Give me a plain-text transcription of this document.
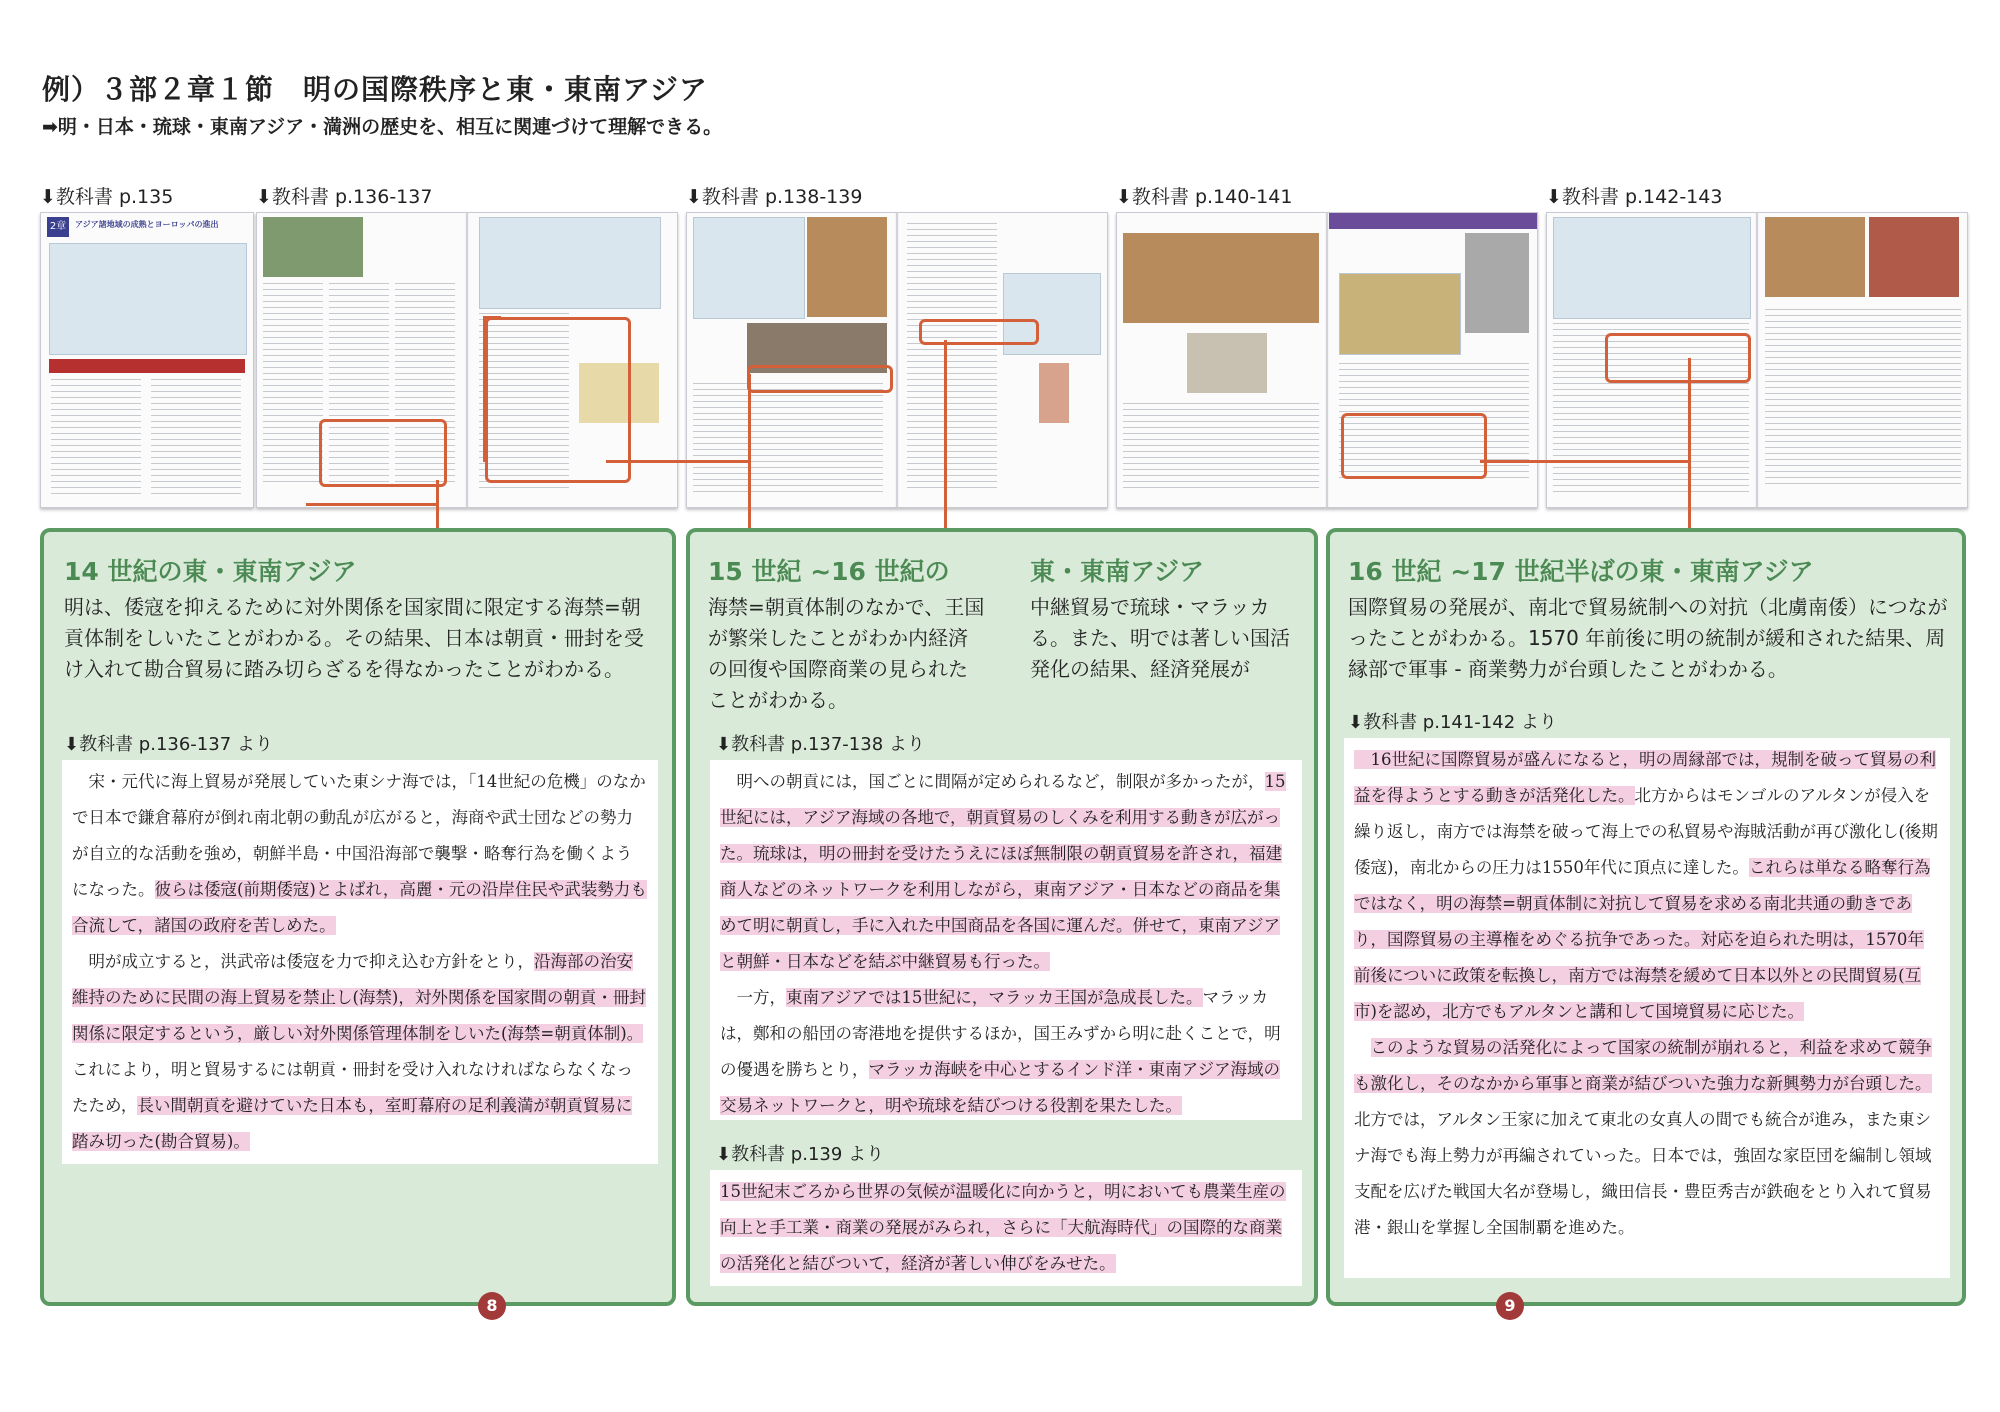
例）３部２章１節　明の国際秩序と東・東南アジア
➡明・日本・琉球・東南アジア・満洲の歴史を、相互に関連づけて理解できる。
⬇教科書 p.135	⬇教科書 p.136-137	⬇教科書 p.138-139	⬇教科書 p.140-141	⬇教科書 p.142-143
2章	アジア諸地域の成熟とヨーロッパの進出
14 世紀の東・東南アジア
明は、倭寇を抑えるために対外関係を国家間に限定する海禁=朝貢体制をしいたことがわかる。その結果、日本は朝貢・冊封を受け入れて勘合貿易に踏み切らざるを得なかったことがわかる。
⬇教科書 p.136-137 より
　宋・元代に海上貿易が発展していた東シナ海では，「14世紀の危機」のなかで日本で鎌倉幕府が倒れ南北朝の動乱が広がると，海商や武士団などの勢力が自立的な活動を強め，朝鮮半島・中国沿海部で襲撃・略奪行為を働くようになった。彼らは倭寇(前期倭寇)とよばれ，高麗・元の沿岸住民や武装勢力も合流して，諸国の政府を苦しめた。
　明が成立すると，洪武帝は倭寇を力で抑え込む方針をとり，沿海部の治安維持のために民間の海上貿易を禁止し(海禁)，対外関係を国家間の朝貢・冊封関係に限定するという，厳しい対外関係管理体制をしいた(海禁=朝貢体制)。これにより，明と貿易するには朝貢・冊封を受け入れなければならなくなったため，長い間朝貢を避けていた日本も，室町幕府の足利義満が朝貢貿易に踏み切った(勘合貿易)。
15 世紀 ~16 世紀の	東・東南アジア
海禁=朝貢体制のなかで、王国が繁栄したことがわか内経済の回復や国際商業の見られたことがわかる。
中継貿易で琉球・マラッカる。また、明では著しい国活発化の結果、経済発展が
⬇教科書 p.137-138 より
　明への朝貢には，国ごとに間隔が定められるなど，制限が多かったが，15世紀には，アジア海域の各地で，朝貢貿易のしくみを利用する動きが広がった。琉球は，明の冊封を受けたうえにほぼ無制限の朝貢貿易を許され，福建商人などのネットワークを利用しながら，東南アジア・日本などの商品を集めて明に朝貢し，手に入れた中国商品を各国に運んだ。併せて，東南アジアと朝鮮・日本などを結ぶ中継貿易も行った。
　一方，東南アジアでは15世紀に，マラッカ王国が急成長した。マラッカは，鄭和の船団の寄港地を提供するほか，国王みずから明に赴くことで，明の優遇を勝ちとり，マラッカ海峡を中心とするインド洋・東南アジア海域の交易ネットワークと，明や琉球を結びつける役割を果たした。
⬇教科書 p.139 より
15世紀末ごろから世界の気候が温暖化に向かうと，明においても農業生産の向上と手工業・商業の発展がみられ，さらに「大航海時代」の国際的な商業の活発化と結びついて，経済が著しい伸びをみせた。
16 世紀 ~17 世紀半ばの東・東南アジア
国際貿易の発展が、南北で貿易統制への対抗（北虜南倭）につながったことがわかる。1570 年前後に明の統制が緩和された結果、周縁部で軍事 - 商業勢力が台頭したことがわかる。
⬇教科書 p.141-142 より
　16世紀に国際貿易が盛んになると，明の周縁部では，規制を破って貿易の利益を得ようとする動きが活発化した。北方からはモンゴルのアルタンが侵入を繰り返し，南方では海禁を破って海上での私貿易や海賊活動が再び激化し(後期倭寇)，南北からの圧力は1550年代に頂点に達した。これらは単なる略奪行為ではなく，明の海禁=朝貢体制に対抗して貿易を求める南北共通の動きであり，国際貿易の主導権をめぐる抗争であった。対応を迫られた明は，1570年前後についに政策を転換し，南方では海禁を緩めて日本以外との民間貿易(互市)を認め，北方でもアルタンと講和して国境貿易に応じた。
　このような貿易の活発化によって国家の統制が崩れると，利益を求めて競争も激化し，そのなかから軍事と商業が結びついた強力な新興勢力が台頭した。北方では，アルタン王家に加えて東北の女真人の間でも統合が進み，また東シナ海でも海上勢力が再編されていった。日本では，強固な家臣団を編制し領域支配を広げた戦国大名が登場し，織田信長・豊臣秀吉が鉄砲をとり入れて貿易港・銀山を掌握し全国制覇を進めた。
8	9
